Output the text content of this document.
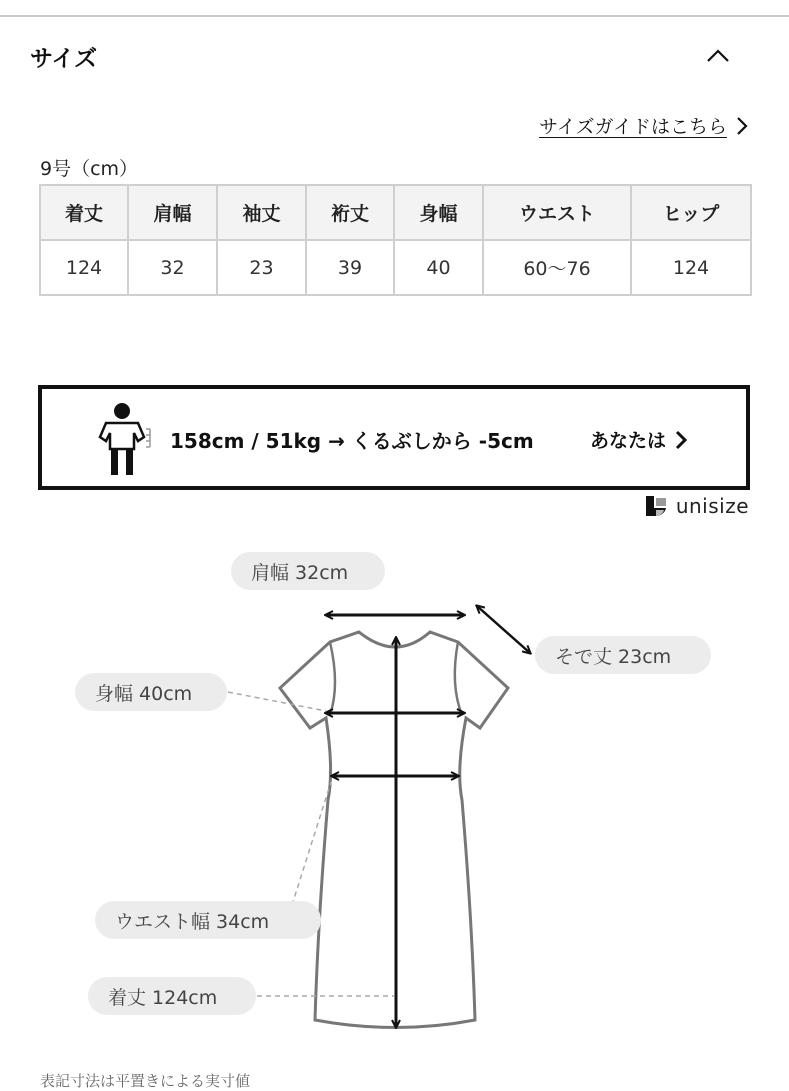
サイズ
サイズガイドはこちら
9号（cm）
着丈	肩幅	袖丈	裄丈	身幅	ウエスト	ヒップ
124	32	23	39	40	60〜76	124
158cm / 51kg → くるぶしから -5cm	あなたは
unisize
肩幅 32cm
そで丈 23cm
身幅 40cm
ウエスト幅 34cm
着丈 124cm
表記寸法は平置きによる実寸値
